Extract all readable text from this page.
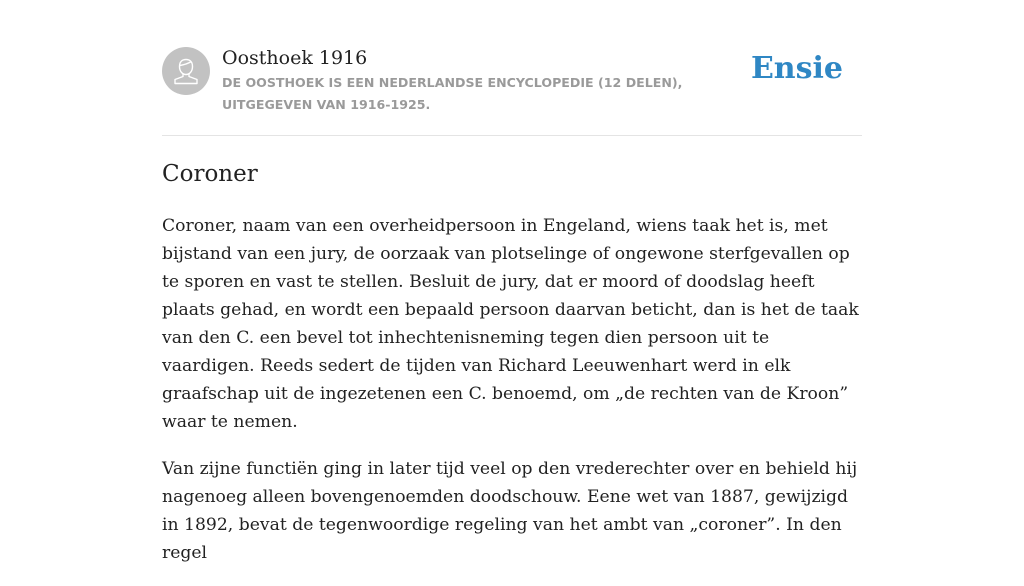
Oosthoek 1916
DE OOSTHOEK IS EEN NEDERLANDSE ENCYCLOPEDIE (12 DELEN), UITGEGEVEN VAN 1916-1925.
Ensie
Coroner

Coroner, naam van een overheidpersoon in Engeland, wiens taak het is, met bijstand van een jury, de oorzaak van plotselinge of ongewone sterfgevallen op te sporen en vast te stellen. Besluit de jury, dat er moord of doodslag heeft plaats gehad, en wordt een bepaald persoon daarvan beticht, dan is het de taak van den C. een bevel tot inhechtenisneming tegen dien persoon uit te vaardigen. Reeds sedert de tijden van Richard Leeuwenhart werd in elk graafschap uit de ingezetenen een C. benoemd, om „de rechten van de Kroon” waar te nemen.

Van zijne functiën ging in later tijd veel op den vrederechter over en behield hij nagenoeg alleen bovengenoemden doodschouw. Eene wet van 1887, gewijzigd in 1892, bevat de tegenwoordige regeling van het ambt van „coroner”. In den regel
